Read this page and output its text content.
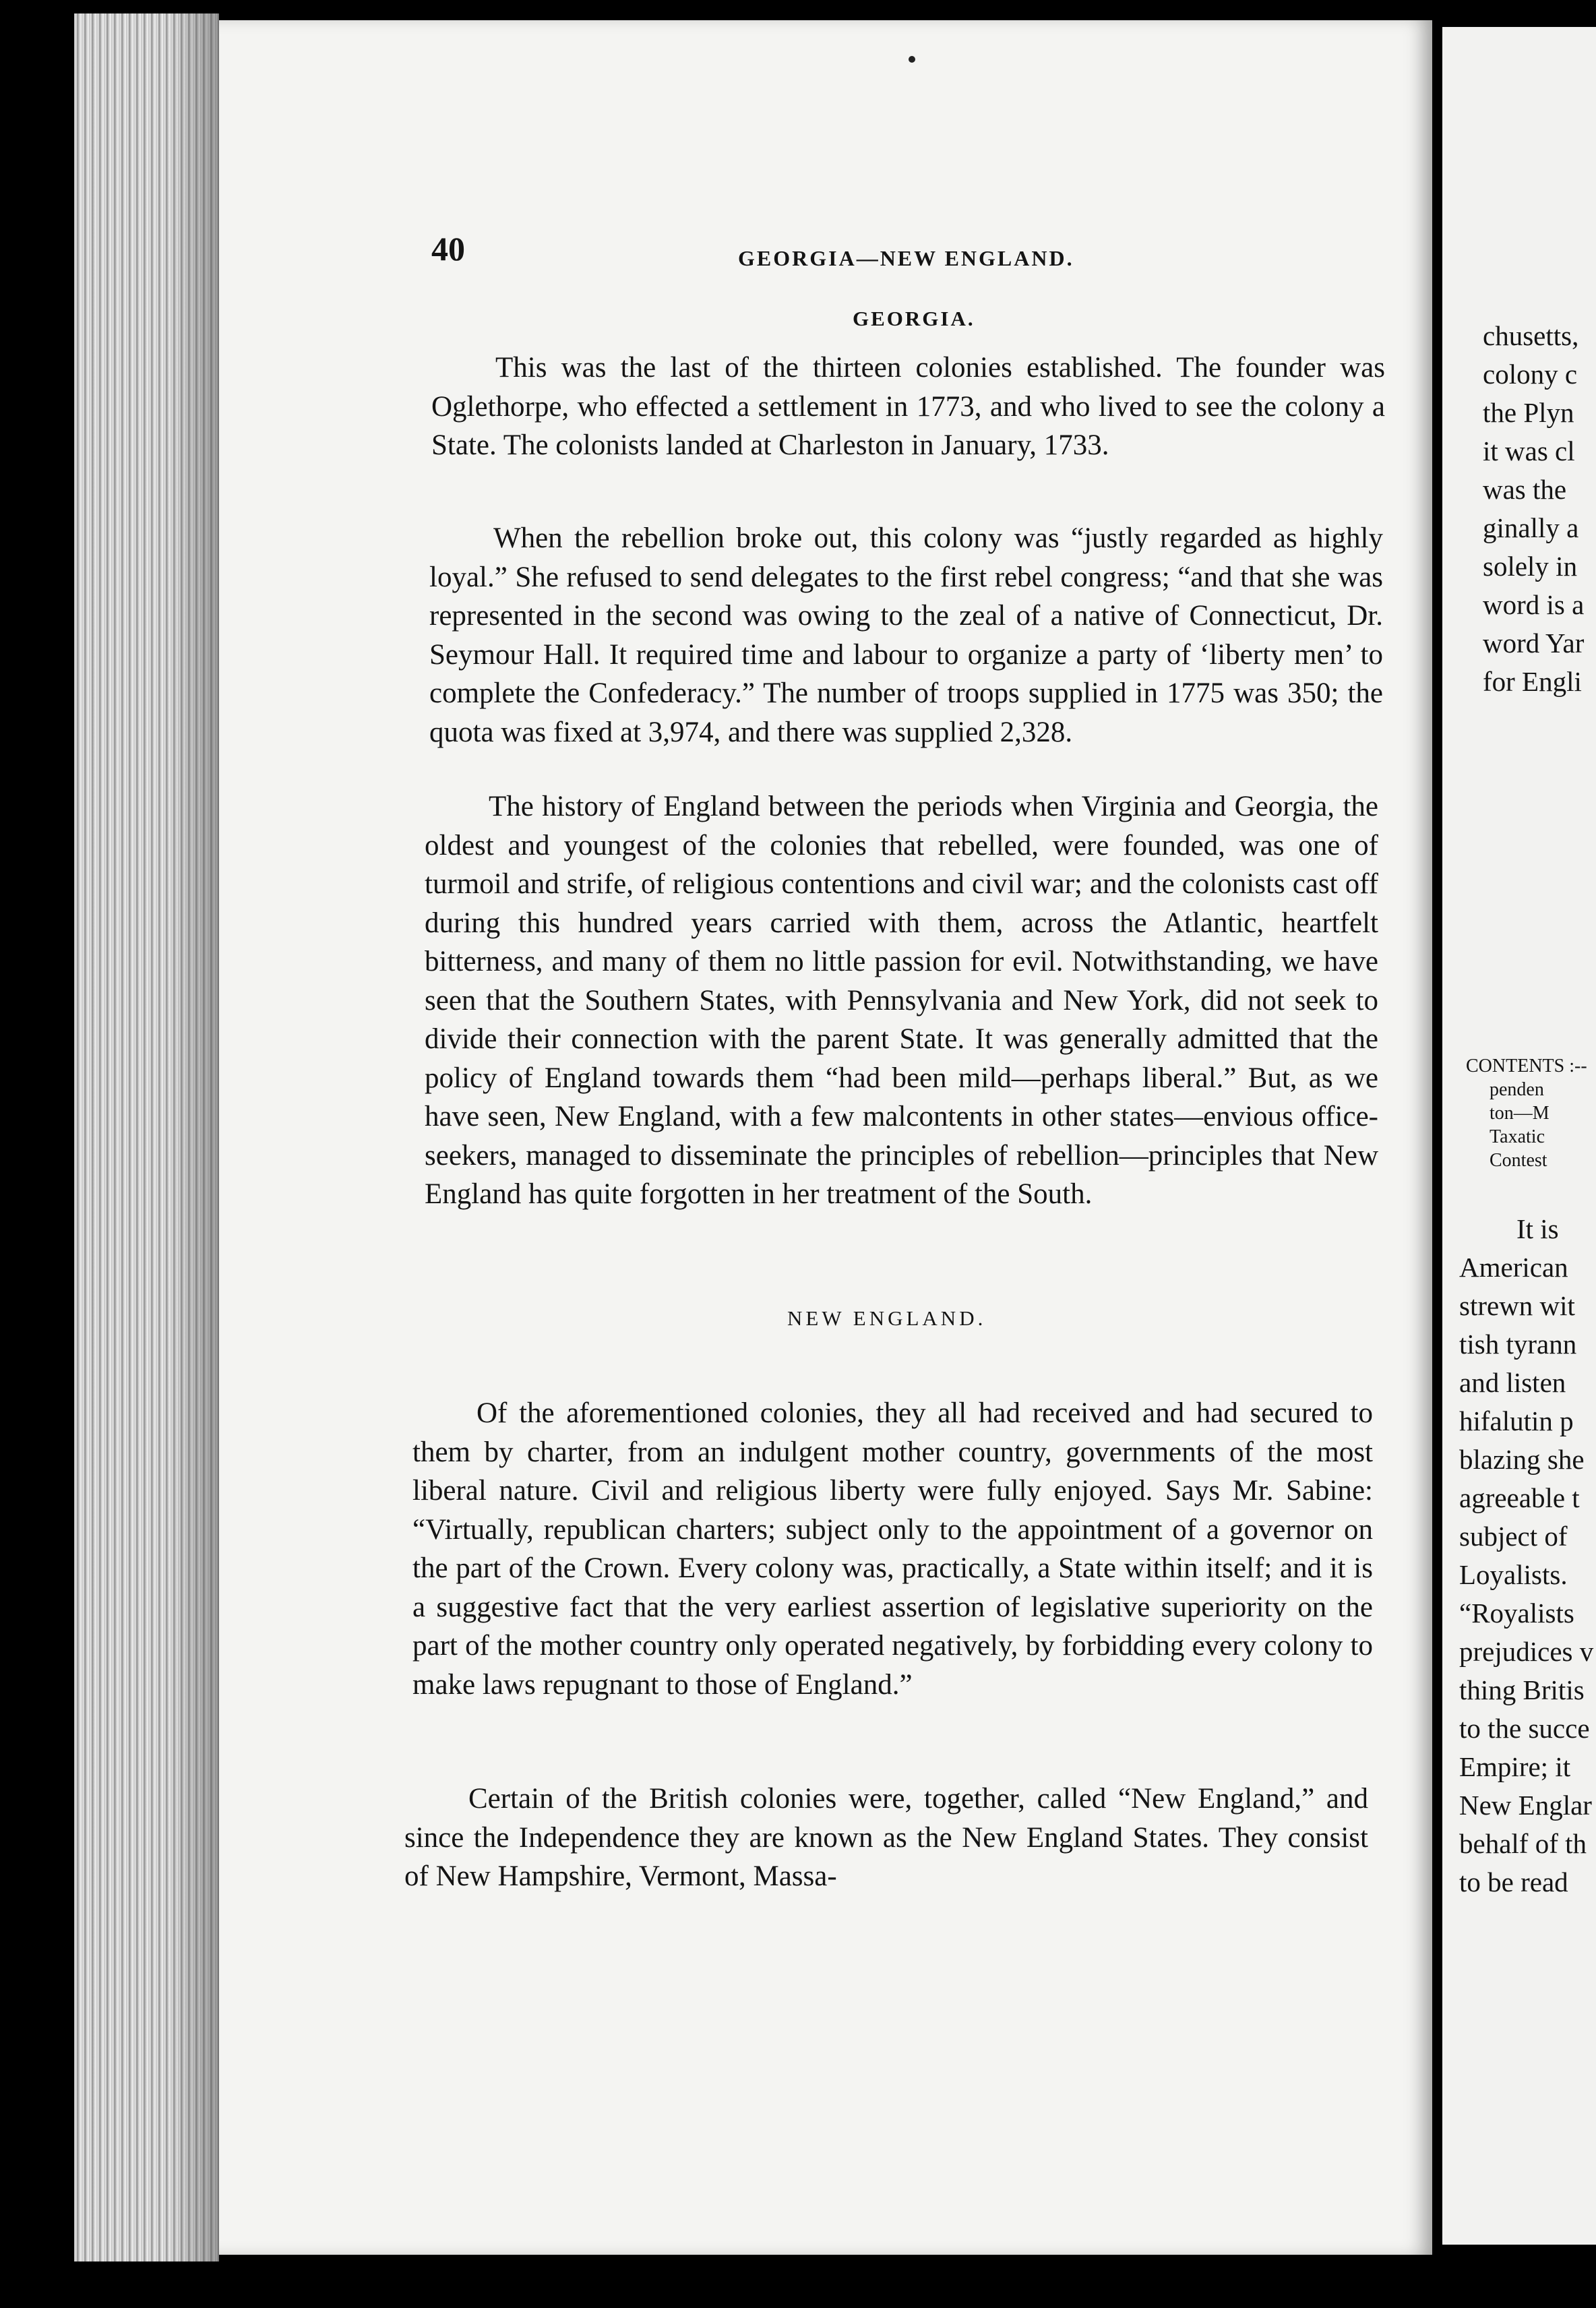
40	GEORGIA—NEW ENGLAND.
GEORGIA.

This was the last of the thirteen colonies established. The founder was Oglethorpe, who effected a settlement in 1773, and who lived to see the colony a State. The colonists landed at Charleston in January, 1733.

When the rebellion broke out, this colony was “justly regarded as highly loyal.” She refused to send delegates to the first rebel congress; “and that she was represented in the second was owing to the zeal of a native of Connecticut, Dr. Seymour Hall. It required time and labour to organize a party of ‘liberty men’ to complete the Confederacy.” The number of troops supplied in 1775 was 350; the quota was fixed at 3,974, and there was supplied 2,328.

The history of England between the periods when Virginia and Georgia, the oldest and youngest of the colonies that rebelled, were founded, was one of turmoil and strife, of religious contentions and civil war; and the colonists cast off during this hundred years carried with them, across the Atlantic, heartfelt bitterness, and many of them no little passion for evil. Notwithstanding, we have seen that the Southern States, with Pennsylvania and New York, did not seek to divide their connection with the parent State. It was generally admitted that the policy of England towards them “had been mild—perhaps liberal.” But, as we have seen, New England, with a few malcontents in other states—envious office-seekers, managed to disseminate the principles of rebellion—principles that New England has quite forgotten in her treatment of the South.

NEW ENGLAND.

Of the aforementioned colonies, they all had received and had secured to them by charter, from an indulgent mother country, governments of the most liberal nature. Civil and religious liberty were fully enjoyed. Says Mr. Sabine: “Virtually, republican charters; subject only to the appointment of a governor on the part of the Crown. Every colony was, practically, a State within itself; and it is a suggestive fact that the very earliest assertion of legislative superiority on the part of the mother country only operated negatively, by forbidding every colony to make laws repugnant to those of England.”

Certain of the British colonies were, together, called “New England,” and since the Independence they are known as the New England States. They consist of New Hampshire, Vermont, Massa-

chusetts,
colony c
the Plyn
it was cl
was the
ginally a
solely in
word is a
word Yar
for Engli
CONTENTS :--
penden
ton—M
Taxatic
Contest
It is
American
strewn wit
tish tyrann
and listen
hifalutin p
blazing she
agreeable t
subject of
Loyalists.
“Royalists
prejudices v
thing Britis
to the succe
Empire; it
New Englar
behalf of th
to be read
